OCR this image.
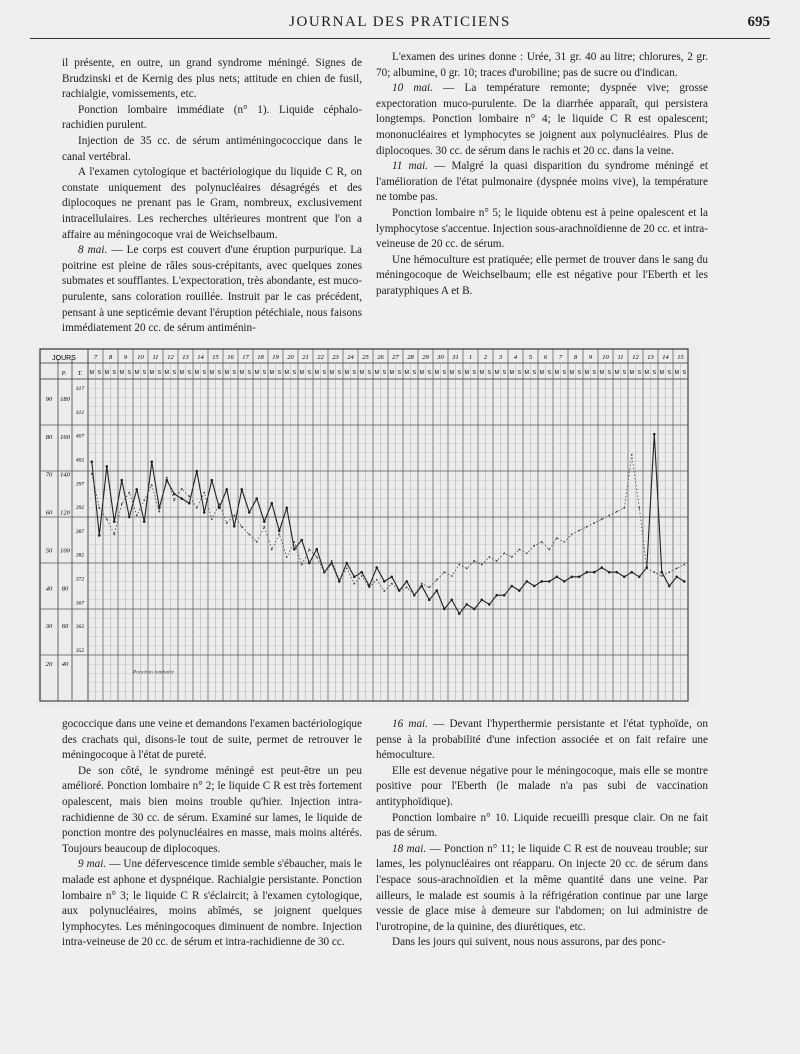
JOURNAL DES PRATICIENS	695

il présente, en outre, un grand syndrome méningé. Signes de Brudzinski et de Kernig des plus nets; attitude en chien de fusil, rachialgie, vomissements, etc.

Ponction lombaire immédiate (n° 1). Liquide céphalo-rachidien purulent.

Injection de 35 cc. de sérum antiméningococcique dans le canal vertébral.

A l'examen cytologique et bactériologique du liquide C R, on constate uniquement des polynucléaires désagrégés et des diplocoques ne prenant pas le Gram, nombreux, exclusivement intracellulaires. Les recherches ultérieures montrent que l'on a affaire au méningocoque vrai de Weichselbaum.

8 mai. — Le corps est couvert d'une éruption purpurique. La poitrine est pleine de râles sous-crépitants, avec quelques zones submates et soufflantes. L'expectoration, très abondante, est muco-purulente, sans coloration rouillée. Instruit par le cas précédent, pensant à une septicémie devant l'éruption pétéchiale, nous faisons immédiatement 20 cc. de sérum antiménin-

L'examen des urines donne : Urée, 31 gr. 40 au litre; chlorures, 2 gr. 70; albumine, 0 gr. 10; traces d'urobiline; pas de sucre ou d'indican.

10 mai. — La température remonte; dyspnée vive; grosse expectoration muco-purulente. De la diarrhée apparaît, qui persistera longtemps. Ponction lombaire n° 4; le liquide C R est opalescent; mononucléaires et lymphocytes se joignent aux polynucléaires. Plus de diplocoques. 30 cc. de sérum dans le rachis et 20 cc. dans la veine.

11 mai. — Malgré la quasi disparition du syndrome méningé et l'amélioration de l'état pulmonaire (dyspnée moins vive), la température ne tombe pas.

Ponction lombaire n° 5; le liquide obtenu est à peine opalescent et la lymphocytose s'accentue. Injection sous-arachnoïdienne de 20 cc. et intra-veineuse de 20 cc. de sérum.

Une hémoculture est pratiquée; elle permet de trouver dans le sang du méningocoque de Weichselbaum; elle est négative pour l'Eberth et les paratyphiques A et B.

JOURS
P. T.
7
M S
8
M S
9
M S
10
M S
11
M S
12
M S
13
M S
14
M S
15
M S
16
M S
17
M S
18
M S
19
M S
20
M S
21
M S
22
M S
23
M S
24
M S
25
M S
26
M S
27
M S
28
M S
29
M S
30
M S
31
M S
1
M S
2
M S
3
M S
4
M S
5
M S
6
M S
7
M S
8
M S
9
M S
10
M S
11
M S
12
M S
13
M S
14
M S
15
M S
40
60
80
100
120
140
160
180
20
30
40
50
60
70
80
90
352
362
367
372
382
387
392
397
402
407
412
417
Ponction lombaire

gococcique dans une veine et demandons l'examen bactériologique des crachats qui, disons-le tout de suite, permet de retrouver le méningocoque à l'état de pureté.

De son côté, le syndrome méningé est peut-être un peu amélioré. Ponction lombaire n° 2; le liquide C R est très fortement opalescent, mais bien moins trouble qu'hier. Injection intra-rachidienne de 30 cc. de sérum. Examiné sur lames, le liquide de ponction montre des polynucléaires en masse, mais moins altérés. Toujours beaucoup de diplocoques.

9 mai. — Une défervescence timide semble s'ébaucher, mais le malade est aphone et dyspnéique. Rachialgie persistante. Ponction lombaire n° 3; le liquide C R s'éclaircit; à l'examen cytologique, aux polynucléaires, moins abîmés, se joignent quelques lymphocytes. Les méningocoques diminuent de nombre. Injection intra-veineuse de 20 cc. de sérum et intra-rachidienne de 30 cc.

16 mai. — Devant l'hyperthermie persistante et l'état typhoïde, on pense à la probabilité d'une infection associée et on fait refaire une hémoculture.

Elle est devenue négative pour le méningocoque, mais elle se montre positive pour l'Eberth (le malade n'a pas subi de vaccination antityphoïdique).

Ponction lombaire n° 10. Liquide recueilli presque clair. On ne fait pas de sérum.

18 mai. — Ponction n° 11; le liquide C R est de nouveau trouble; sur lames, les polynucléaires ont réapparu. On injecte 20 cc. de sérum dans l'espace sous-arachnoïdien et la même quantité dans une veine. Par ailleurs, le malade est soumis à la réfrigération continue par une large vessie de glace mise à demeure sur l'abdomen; on lui administre de l'urotropine, de la quinine, des diurétiques, etc.

Dans les jours qui suivent, nous nous assurons, par des ponc-
